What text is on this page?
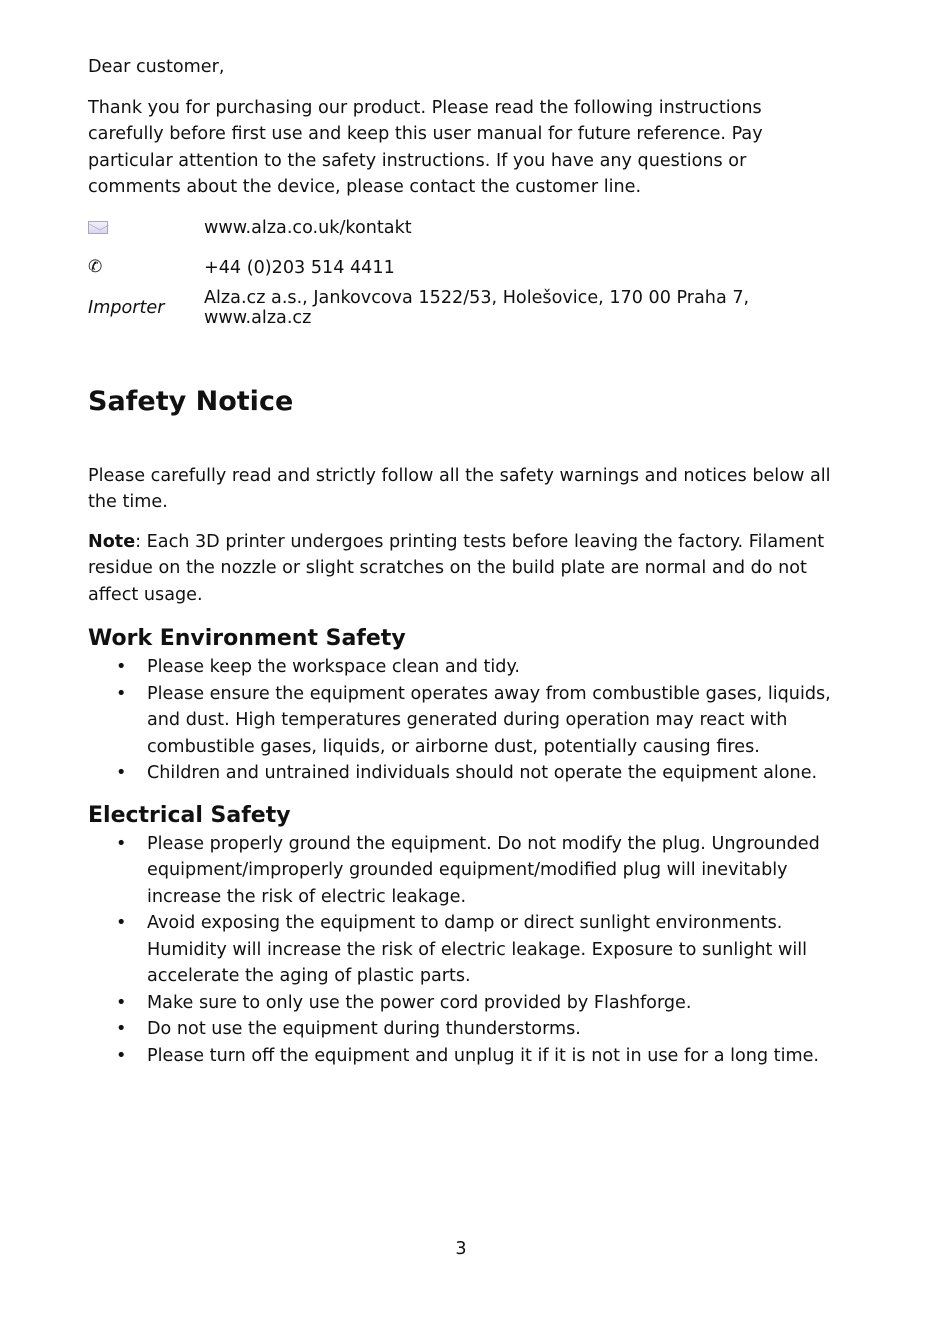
Dear customer,

Thank you for purchasing our product. Please read the following instructions carefully before first use and keep this user manual for future reference. Pay particular attention to the safety instructions. If you have any questions or comments about the device, please contact the customer line.

www.alza.co.uk/kontakt
✆	+44 (0)203 514 4411
Importer	Alza.cz a.s., Jankovcova 1522/53, Holešovice, 170 00 Praha 7, www.alza.cz
Safety Notice

Please carefully read and strictly follow all the safety warnings and notices below all the time.

Note: Each 3D printer undergoes printing tests before leaving the factory. Filament residue on the nozzle or slight scratches on the build plate are normal and do not affect usage.

Work Environment Safety
• Please keep the workspace clean and tidy.
• Please ensure the equipment operates away from combustible gases, liquids, and dust. High temperatures generated during operation may react with combustible gases, liquids, or airborne dust, potentially causing fires.
• Children and untrained individuals should not operate the equipment alone.
Electrical Safety
• Please properly ground the equipment. Do not modify the plug. Ungrounded equipment/improperly grounded equipment/modified plug will inevitably increase the risk of electric leakage.
• Avoid exposing the equipment to damp or direct sunlight environments. Humidity will increase the risk of electric leakage. Exposure to sunlight will accelerate the aging of plastic parts.
• Make sure to only use the power cord provided by Flashforge.
• Do not use the equipment during thunderstorms.
• Please turn off the equipment and unplug it if it is not in use for a long time.
3
